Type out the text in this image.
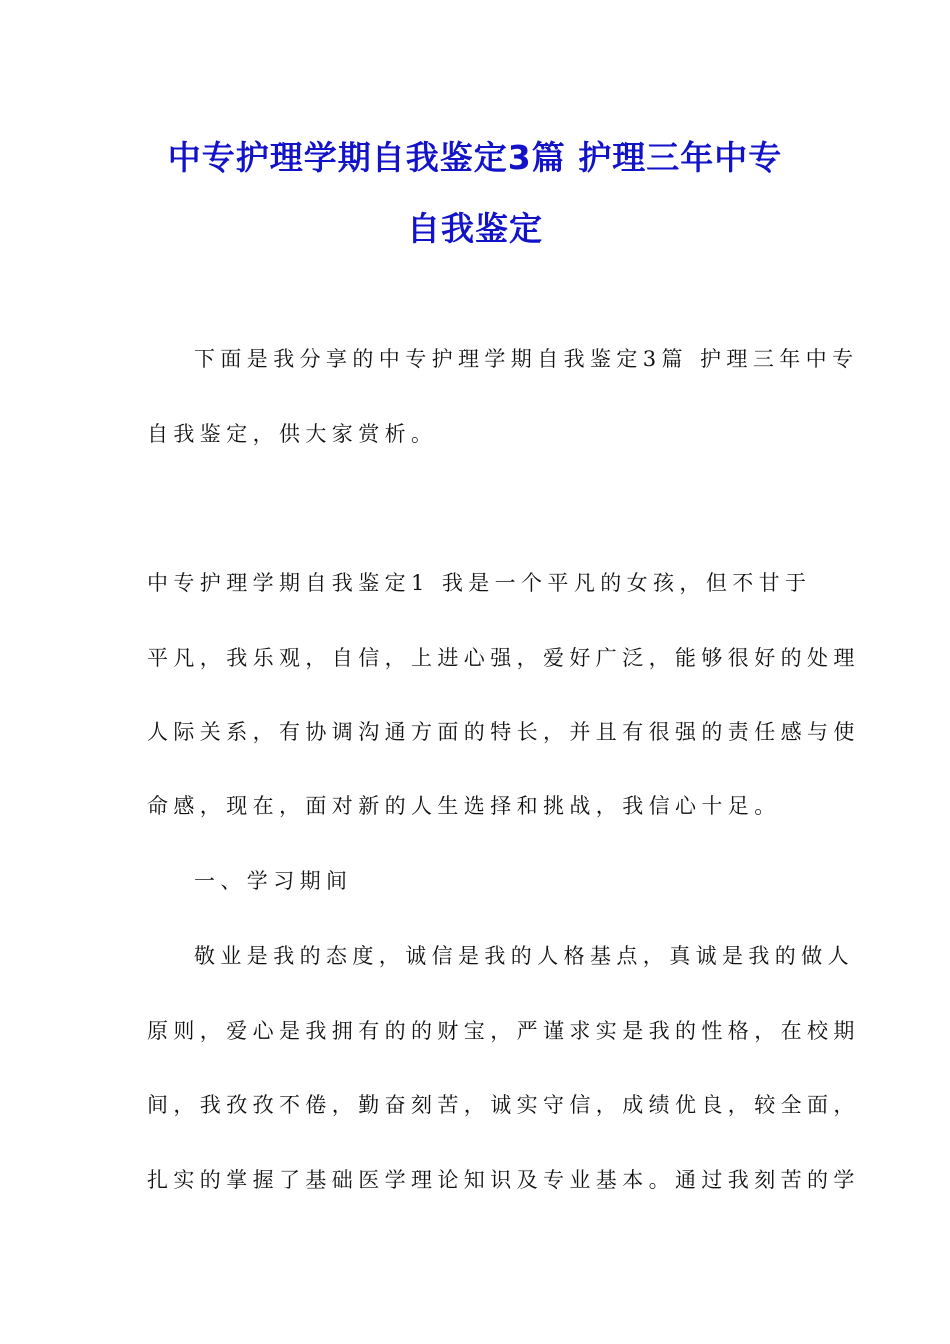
中专护理学期自我鉴定3篇 护理三年中专
自我鉴定
下面是我分享的中专护理学期自我鉴定3篇 护理三年中专
自我鉴定，供大家赏析。
中专护理学期自我鉴定1 我是一个平凡的女孩，但不甘于
平凡，我乐观，自信，上进心强，爱好广泛，能够很好的处理
人际关系，有协调沟通方面的特长，并且有很强的责任感与使
命感，现在，面对新的人生选择和挑战，我信心十足。
一、学习期间
敬业是我的态度，诚信是我的人格基点，真诚是我的做人
原则，爱心是我拥有的的财宝，严谨求实是我的性格，在校期
间，我孜孜不倦，勤奋刻苦，诚实守信，成绩优良，较全面，
扎实的掌握了基础医学理论知识及专业基本。通过我刻苦的学
